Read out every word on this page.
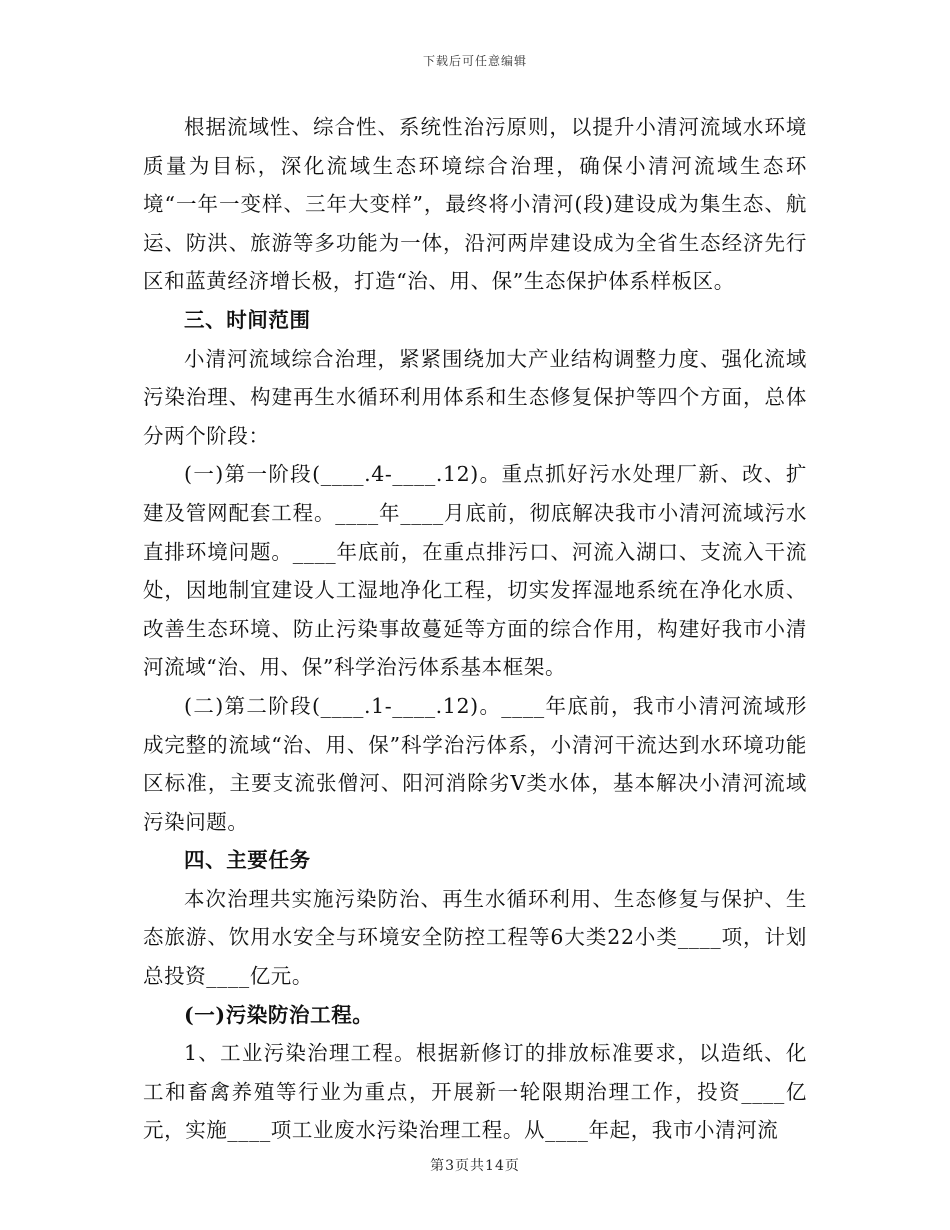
下载后可任意编辑

根据流域性、综合性、系统性治污原则，以提升小清河流域水环境质量为目标，深化流域生态环境综合治理，确保小清河流域生态环境“一年一变样、三年大变样”，最终将小清河(段)建设成为集生态、航运、防洪、旅游等多功能为一体，沿河两岸建设成为全省生态经济先行区和蓝黄经济增长极，打造“治、用、保”生态保护体系样板区。

三、时间范围

小清河流域综合治理，紧紧围绕加大产业结构调整力度、强化流域污染治理、构建再生水循环利用体系和生态修复保护等四个方面，总体分两个阶段：

(一)第一阶段(____.4-____.12)。重点抓好污水处理厂新、改、扩建及管网配套工程。____年____月底前，彻底解决我市小清河流域污水直排环境问题。____年底前，在重点排污口、河流入湖口、支流入干流处，因地制宜建设人工湿地净化工程，切实发挥湿地系统在净化水质、改善生态环境、防止污染事故蔓延等方面的综合作用，构建好我市小清河流域“治、用、保”科学治污体系基本框架。

(二)第二阶段(____.1-____.12)。____年底前，我市小清河流域形成完整的流域“治、用、保”科学治污体系，小清河干流达到水环境功能区标准，主要支流张僧河、阳河消除劣Ⅴ类水体，基本解决小清河流域污染问题。

四、主要任务

本次治理共实施污染防治、再生水循环利用、生态修复与保护、生态旅游、饮用水安全与环境安全防控工程等6大类22小类____项，计划总投资____亿元。

(一)污染防治工程。

1、工业污染治理工程。根据新修订的排放标准要求，以造纸、化工和畜禽养殖等行业为重点，开展新一轮限期治理工作，投资____亿元，实施____项工业废水污染治理工程。从____年起，我市小清河流

第3页共14页
